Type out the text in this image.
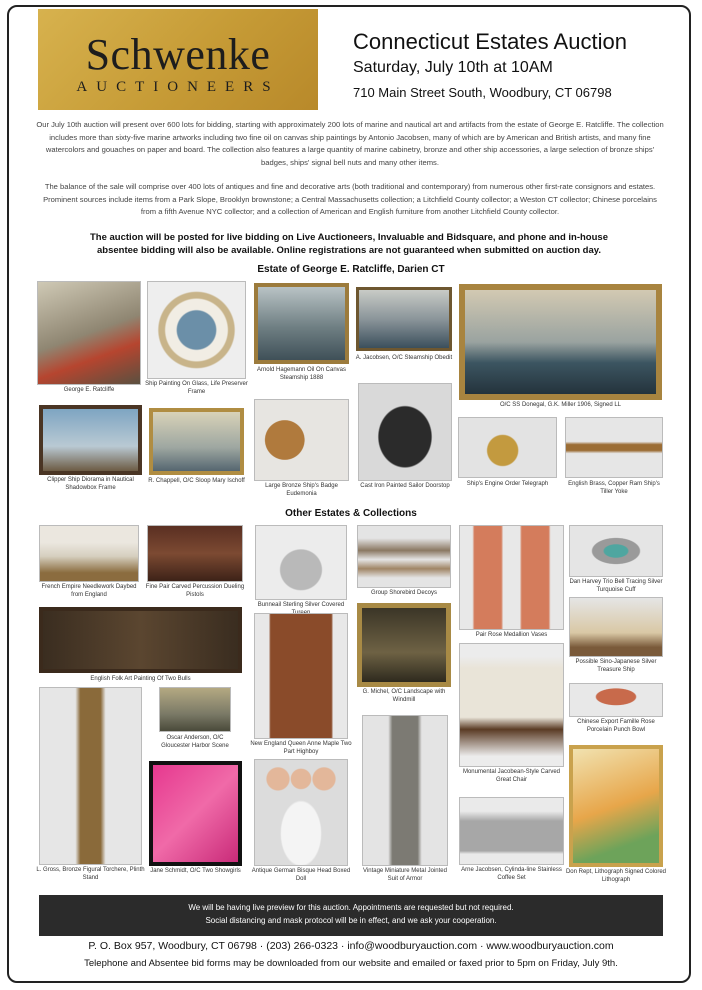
Schwenke
AUCTIONEERS
Connecticut Estates Auction
Saturday, July 10th at 10AM
710 Main Street South, Woodbury, CT 06798

Our July 10th auction will present over 600 lots for bidding, starting with approximately 200 lots of marine and nautical art and artifacts from the estate of George E. Ratcliffe. The collection includes more than sixty-five marine artworks including two fine oil on canvas ship paintings by Antonio Jacobsen, many of which are by American and British artists, and many fine watercolors and gouaches on paper and board. The collection also features a large quantity of marine cabinetry, bronze and other ship accessories, a large selection of bronze ships' badges, ships' signal bell nuts and many other items.

The balance of the sale will comprise over 400 lots of antiques and fine and decorative arts (both traditional and contemporary) from numerous other first-rate consignors and estates. Prominent sources include items from a Park Slope, Brooklyn brownstone; a Central Massachusetts collection; a Litchfield County collector; a Weston CT collector; Chinese porcelains from a fifth Avenue NYC collector; and a collection of American and English furniture from another Litchfield County collector.

The auction will be posted for live bidding on Live Auctioneers, Invaluable and Bidsquare, and phone and in-house absentee bidding will also be available. Online registrations are not guaranteed when submitted on auction day.

Estate of George E. Ratcliffe, Darien CT
George E. Ratcliffe
Ship Painting On Glass, Life Preserver Frame
Arnold Hagemann Oil On Canvas Steamship 1888
A. Jacobsen, O/C Steamship Obedit
O/C SS Donegal, G.K. Miller 1906, Signed LL
Clipper Ship Diorama in Nautical Shadowbox Frame
R. Chappell, O/C Sloop Mary Ischoff
Large Bronze Ship's Badge Eudemonia
Cast Iron Painted Sailor Doorstop	Ship's Engine Order Telegraph	English Brass, Copper Ram Ship's Tiller Yoke
Other Estates & Collections
French Empire Needlework Daybed from England
Fine Pair Carved Percussion Dueling Pistols
Bunneail Sterling Silver Covered
Group Shorebird Decoys
Pair Rose Medallion Vases
Dan Harvey Trio Bell Tracing Silver Turquoise Cuff
English Folk Art Painting Of Two Bulls
New England Queen Anne Maple Two Part Highboy
G. Michel, O/C Landscape with Windmill
Possible Sino-Japanese Silver Treasure Ship
Chinese Export Famille Rose Porcelain Punch Bowl
Monumental Jacobean-Style Carved Great Chair
L. Gross, Bronze Figural Torchere, Plinth Stand
Oscar Anderson, O/C Gloucester Harbor Scene
Jane Schmidt, O/C Two Showgirls	Antique German Bisque Head Boxed Doll
Vintage Miniature Metal Jointed Suit of Armor
Arne Jacobsen, Cylinda-line Stainless Coffee Set
Don Rept, Lithograph Signed Colored Lithograph
We will be having live preview for this auction. Appointments are requested but not required.
Social distancing and mask protocol will be in effect, and we ask your cooperation.
P. O. Box 957, Woodbury, CT 06798 · (203) 266-0323 · info@woodburyauction.com · www.woodburyauction.com
Telephone and Absentee bid forms may be downloaded from our website and emailed or faxed prior to 5pm on Friday, July 9th.
